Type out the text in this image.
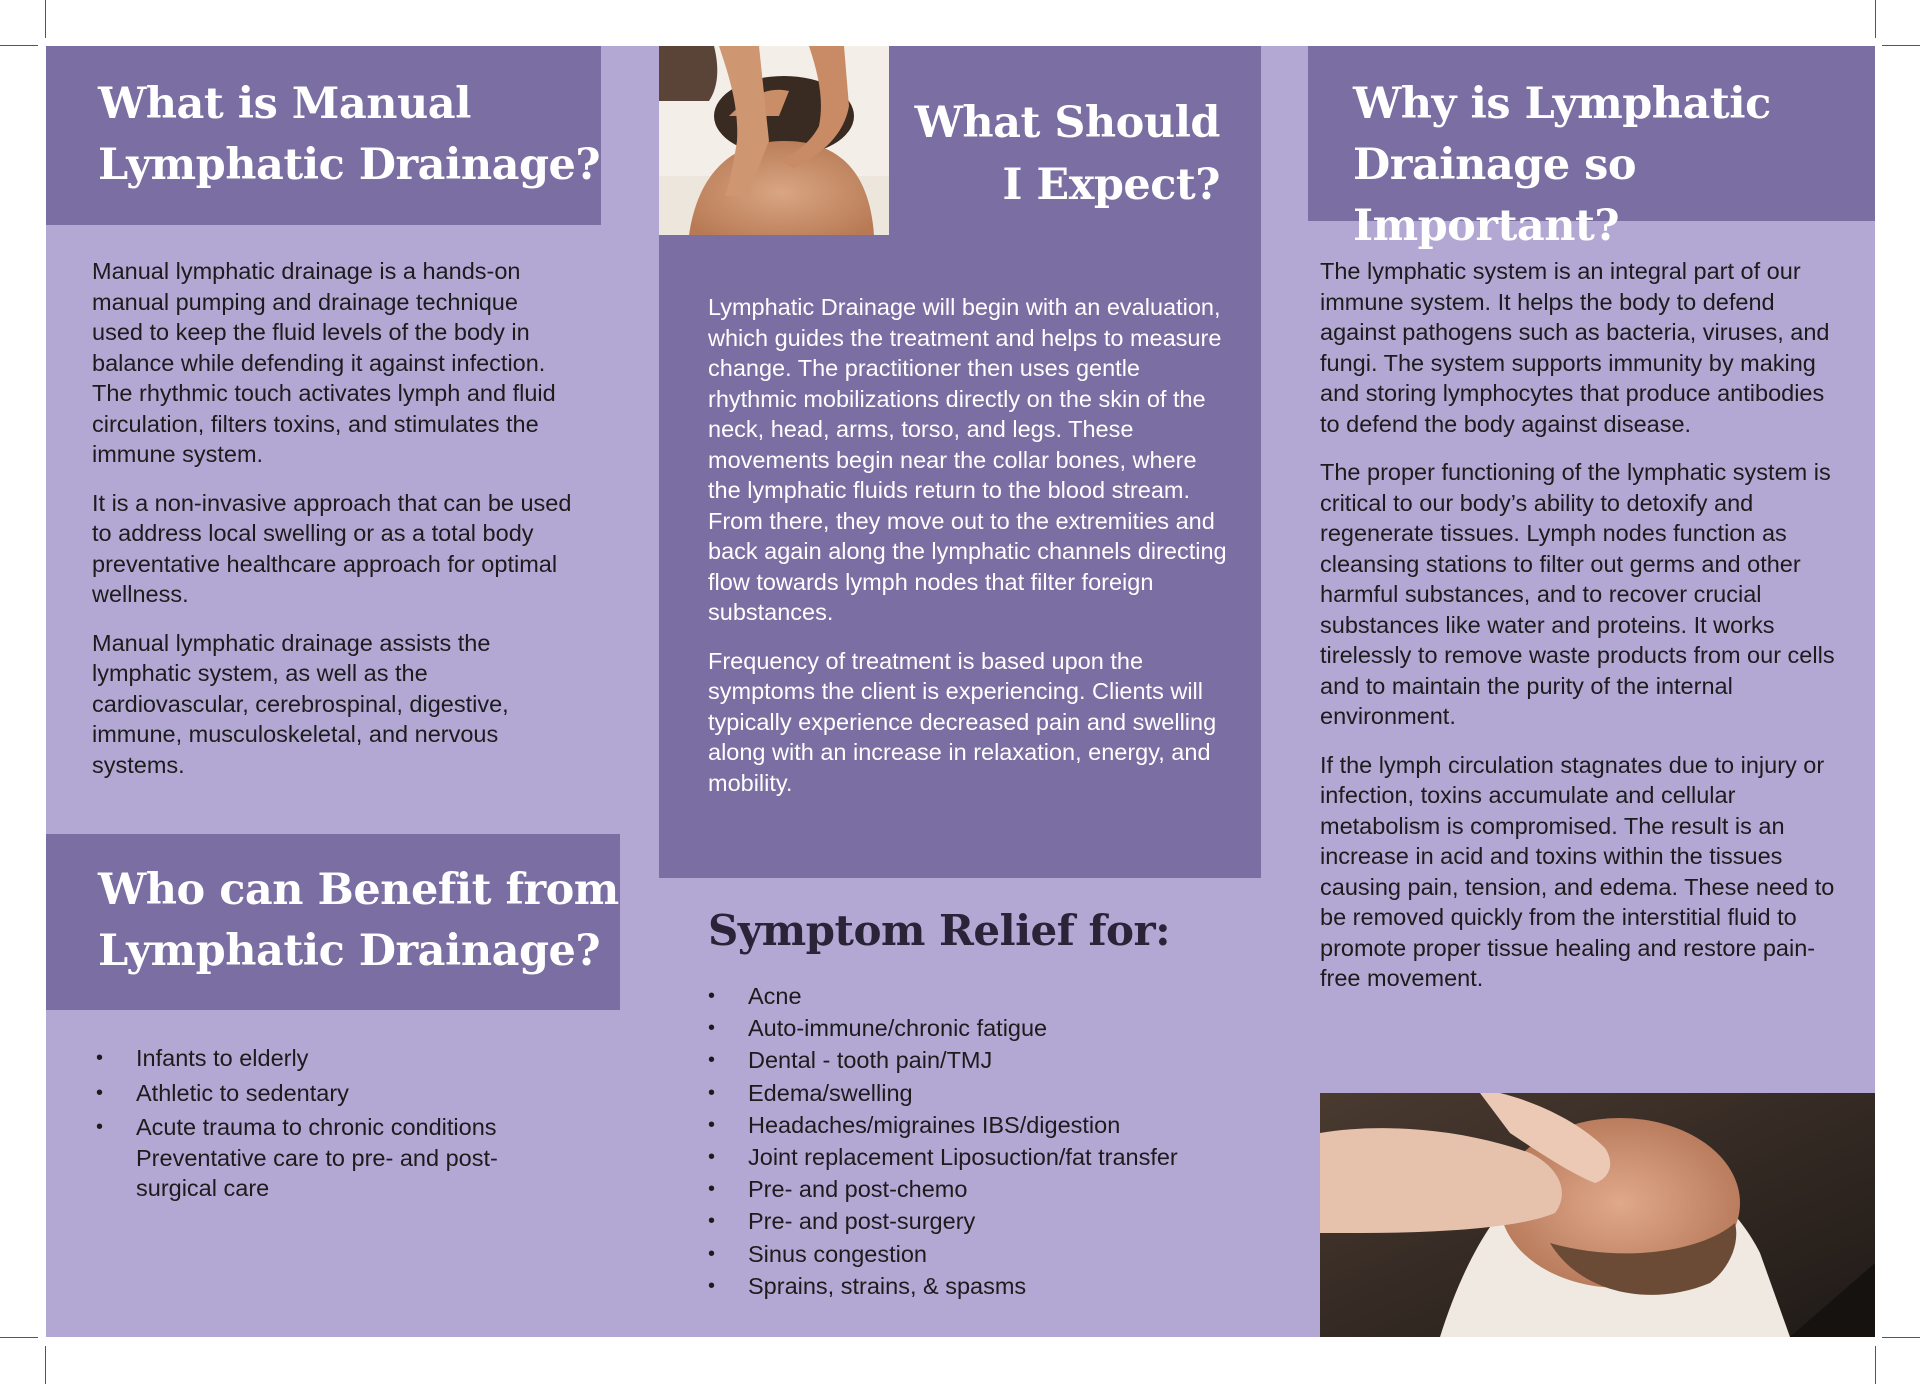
What is Manual
Lymphatic Drainage?

Manual lymphatic drainage is a hands-on manual pumping and drainage technique used to keep the fluid levels of the body in balance while defending it against infection. The rhythmic touch activates lymph and fluid circulation, filters toxins, and stimulates the immune system.

It is a non-invasive approach that can be used to address local swelling or as a total body preventative healthcare approach for optimal wellness.

Manual lymphatic drainage assists the lymphatic system, as well as the cardiovascular, cerebrospinal, digestive, immune, musculoskeletal, and nervous systems.

Who can Benefit from
Lymphatic Drainage?
• Infants to elderly
• Athletic to sedentary
• Acute trauma to chronic conditions Preventative care to pre- and post-surgical care
What Should
I Expect?

Lymphatic Drainage will begin with an evaluation, which guides the treatment and helps to measure change. The practitioner then uses gentle rhythmic mobilizations directly on the skin of the neck, head, arms, torso, and legs. These movements begin near the collar bones, where the lymphatic fluids return to the blood stream. From there, they move out to the extremities and back again along the lymphatic channels directing flow towards lymph nodes that filter foreign substances.

Frequency of treatment is based upon the symptoms the client is experiencing. Clients will typically experience decreased pain and swelling along with an increase in relaxation, energy, and mobility.

Symptom Relief for:
• Acne
• Auto-immune/chronic fatigue
• Dental - tooth pain/TMJ
• Edema/swelling
• Headaches/migraines IBS/digestion
• Joint replacement Liposuction/fat transfer
• Pre- and post-chemo
• Pre- and post-surgery
• Sinus congestion
• Sprains, strains, & spasms
Why is Lymphatic
Drainage so Important?

The lymphatic system is an integral part of our immune system. It helps the body to defend against pathogens such as bacteria, viruses, and fungi. The system supports immunity by making and storing lymphocytes that produce antibodies to defend the body against disease.

The proper functioning of the lymphatic system is critical to our body’s ability to detoxify and regenerate tissues. Lymph nodes function as cleansing stations to filter out germs and other harmful substances, and to recover crucial substances like water and proteins. It works tirelessly to remove waste products from our cells and to maintain the purity of the internal environment.

If the lymph circulation stagnates due to injury or infection, toxins accumulate and cellular metabolism is compromised. The result is an increase in acid and toxins within the tissues causing pain, tension, and edema. These need to be removed quickly from the interstitial fluid to promote proper tissue healing and restore pain-free movement.
